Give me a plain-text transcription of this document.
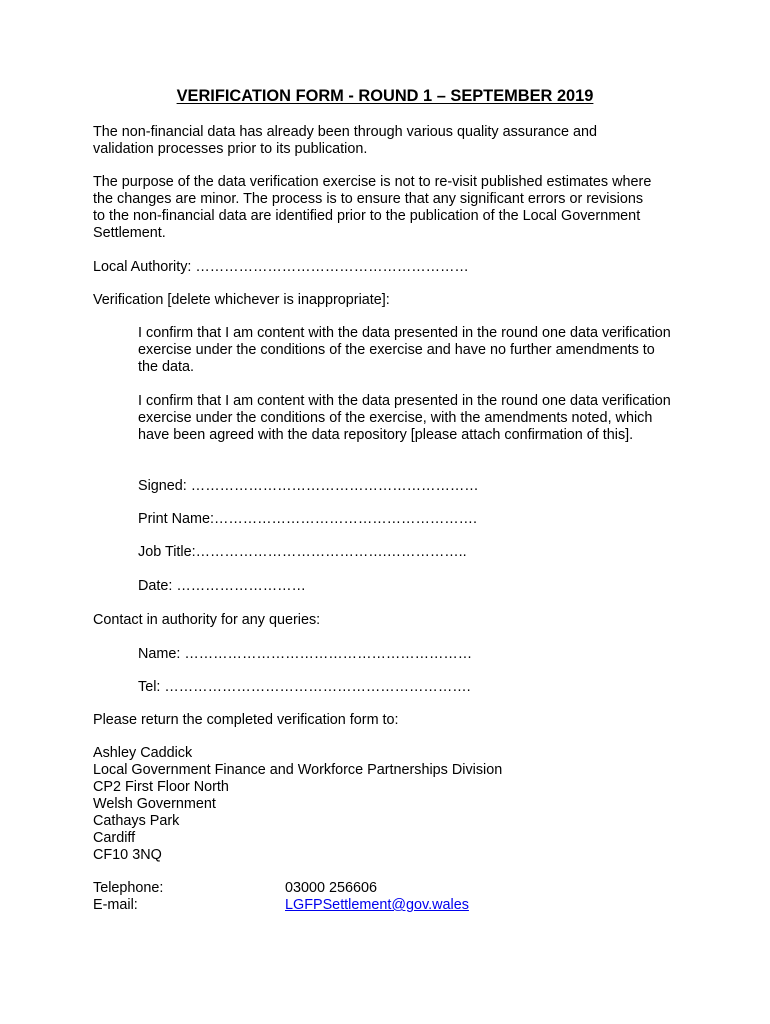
VERIFICATION FORM - ROUND 1 – SEPTEMBER 2019

The non-financial data has already been through various quality assurance and validation processes prior to its publication.

The purpose of the data verification exercise is not to re-visit published estimates where the changes are minor. The process is to ensure that any significant errors or revisions to the non-financial data are identified prior to the publication of the Local Government Settlement.

Local Authority: …………………………………………………
Verification [delete whichever is inappropriate]:

I confirm that I am content with the data presented in the round one data verification exercise under the conditions of the exercise and have no further amendments to the data.

I confirm that I am content with the data presented in the round one data verification exercise under the conditions of the exercise, with the amendments noted, which have been agreed with the data repository [please attach confirmation of this].

Signed: ……………………………………………………
Print Name:……………………………………………….
Job Title:………………………………….……………..
Date: ………………………
Contact in authority for any queries:
Name: ……………………………………………………
Tel: ……………………………………………………….
Please return the completed verification form to:
Ashley Caddick
Local Government Finance and Workforce Partnerships Division
CP2 First Floor North
Welsh Government
Cathays Park
Cardiff
CF10 3NQ
Telephone:	03000 256606
E-mail:	LGFPSettlement@gov.wales
